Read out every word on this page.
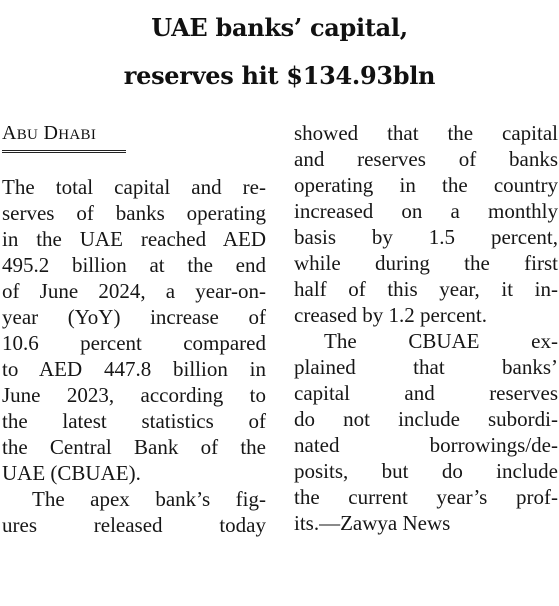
UAE banks’ capital,
reserves hit $134.93bln
ABU DHABI
The total capital and re-
serves of banks operating
in the UAE reached AED
495.2 billion at the end
of June 2024, a year-on-
year (YoY) increase of
10.6 percent compared
to AED 447.8 billion in
June 2023, according to
the latest statistics of
the Central Bank of the
UAE (CBUAE).
The apex bank’s fig-
ures released today
showed that the capital
and reserves of banks
operating in the country
increased on a monthly
basis by 1.5 percent,
while during the first
half of this year, it in-
creased by 1.2 percent.
The CBUAE ex-
plained that banks’
capital and reserves
do not include subordi-
nated borrowings/de-
posits, but do include
the current year’s prof-
its.—Zawya News
